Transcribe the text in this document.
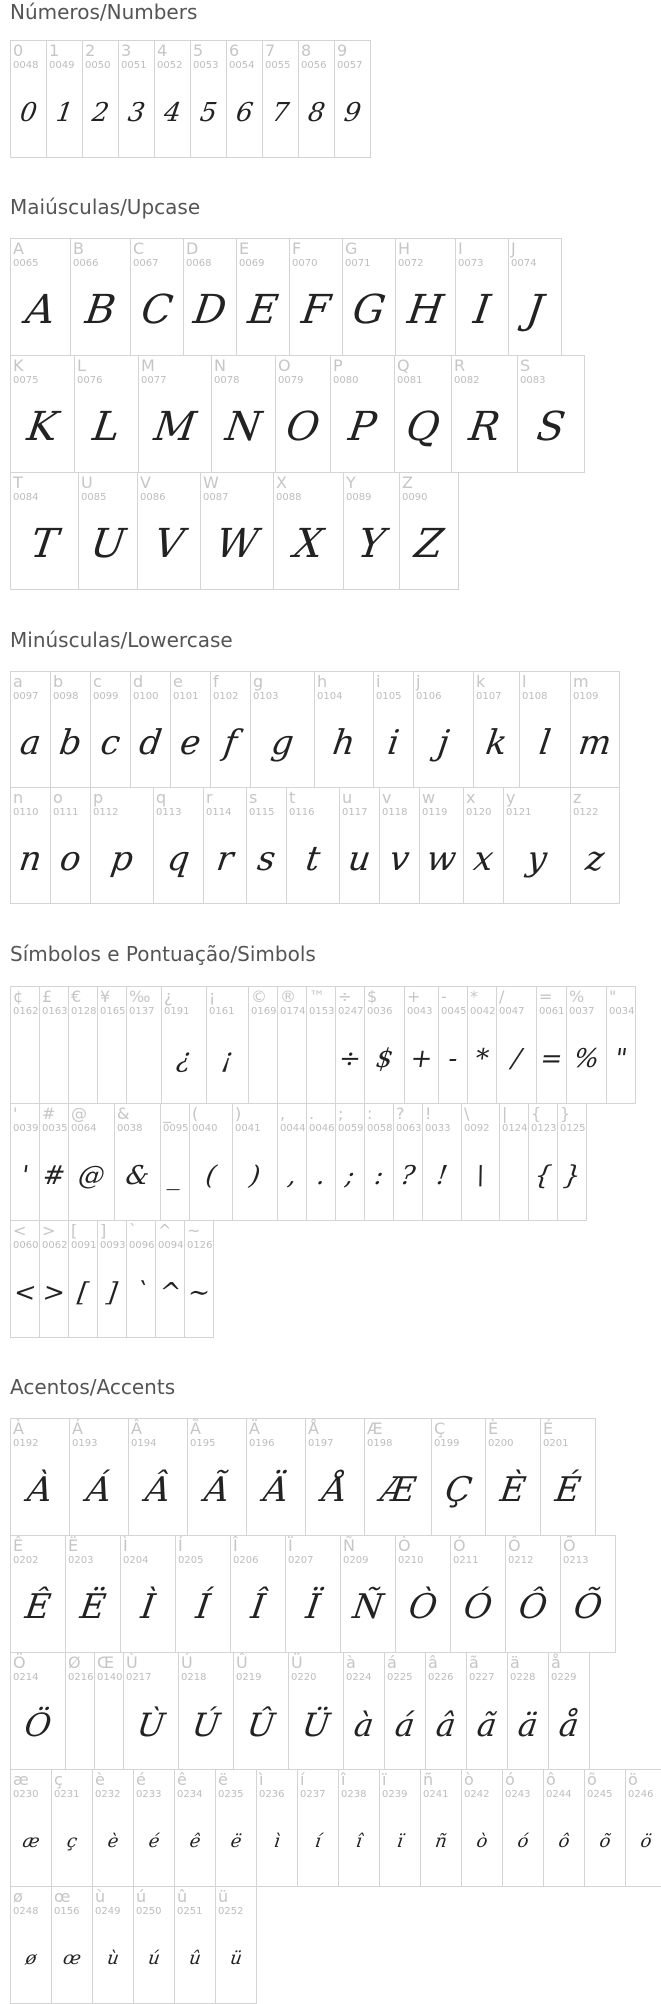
Números/Numbers
0
0048
0
1
0049
1
2
0050
2
3
0051
3
4
0052
4
5
0053
5
6
0054
6
7
0055
7
8
0056
8
9
0057
9
Maiúsculas/Upcase
A
0065
A
B
0066
B
C
0067
C
D
0068
D
E
0069
E
F
0070
F
G
0071
G
H
0072
H
I
0073
I
J
0074
J
K
0075
K
L
0076
L
M
0077
M
N
0078
N
O
0079
O
P
0080
P
Q
0081
Q
R
0082
R
S
0083
S
T
0084
T
U
0085
U
V
0086
V
W
0087
W
X
0088
X
Y
0089
Y
Z
0090
Z
Minúsculas/Lowercase
a
0097
a
b
0098
b
c
0099
c
d
0100
d
e
0101
e
f
0102
f
g
0103
g
h
0104
h
i
0105
i
j
0106
j
k
0107
k
l
0108
l
m
0109
m
n
0110
n
o
0111
o
p
0112
p
q
0113
q
r
0114
r
s
0115
s
t
0116
t
u
0117
u
v
0118
v
w
0119
w
x
0120
x
y
0121
y
z
0122
z
Símbolos e Pontuação/Simbols
¢
0162
£
0163
€
0128
¥
0165
‰
0137
¿
0191
¿
¡
0161
¡
©
0169
®
0174
™
0153
÷
0247
÷
$
0036
$
+
0043
+
-
0045
-
*
0042
*
/
0047
/
=
0061
=
%
0037
%
"
0034
"
'
0039
'
#
0035
#
@
0064
@
&
0038
&
_
0095
_
(
0040
(
)
0041
)
,
0044
,
.
0046
.
;
0059
;
:
0058
:
?
0063
?
!
0033
!
\
0092
\
|
0124
{
0123
{
}
0125
}
<
0060
<
>
0062
>
[
0091
[
]
0093
]
`
0096
`
^
0094
^
~
0126
~
Acentos/Accents
À
0192
À
Á
0193
Á
Â
0194
Â
Ã
0195
Ã
Ä
0196
Ä
Å
0197
Å
Æ
0198
Æ
Ç
0199
Ç
È
0200
È
É
0201
É
Ê
0202
Ê
Ë
0203
Ë
Ì
0204
Ì
Í
0205
Í
Î
0206
Î
Ï
0207
Ï
Ñ
0209
Ñ
Ò
0210
Ò
Ó
0211
Ó
Ô
0212
Ô
Õ
0213
Õ
Ö
0214
Ö
Ø
0216
Œ
0140
Ù
0217
Ù
Ú
0218
Ú
Û
0219
Û
Ü
0220
Ü
à
0224
à
á
0225
á
â
0226
â
ã
0227
ã
ä
0228
ä
å
0229
å
æ
0230
æ
ç
0231
ç
è
0232
è
é
0233
é
ê
0234
ê
ë
0235
ë
ì
0236
ì
í
0237
í
î
0238
î
ï
0239
ï
ñ
0241
ñ
ò
0242
ò
ó
0243
ó
ô
0244
ô
õ
0245
õ
ö
0246
ö
ø
0248
ø
œ
0156
œ
ù
0249
ù
ú
0250
ú
û
0251
û
ü
0252
ü
